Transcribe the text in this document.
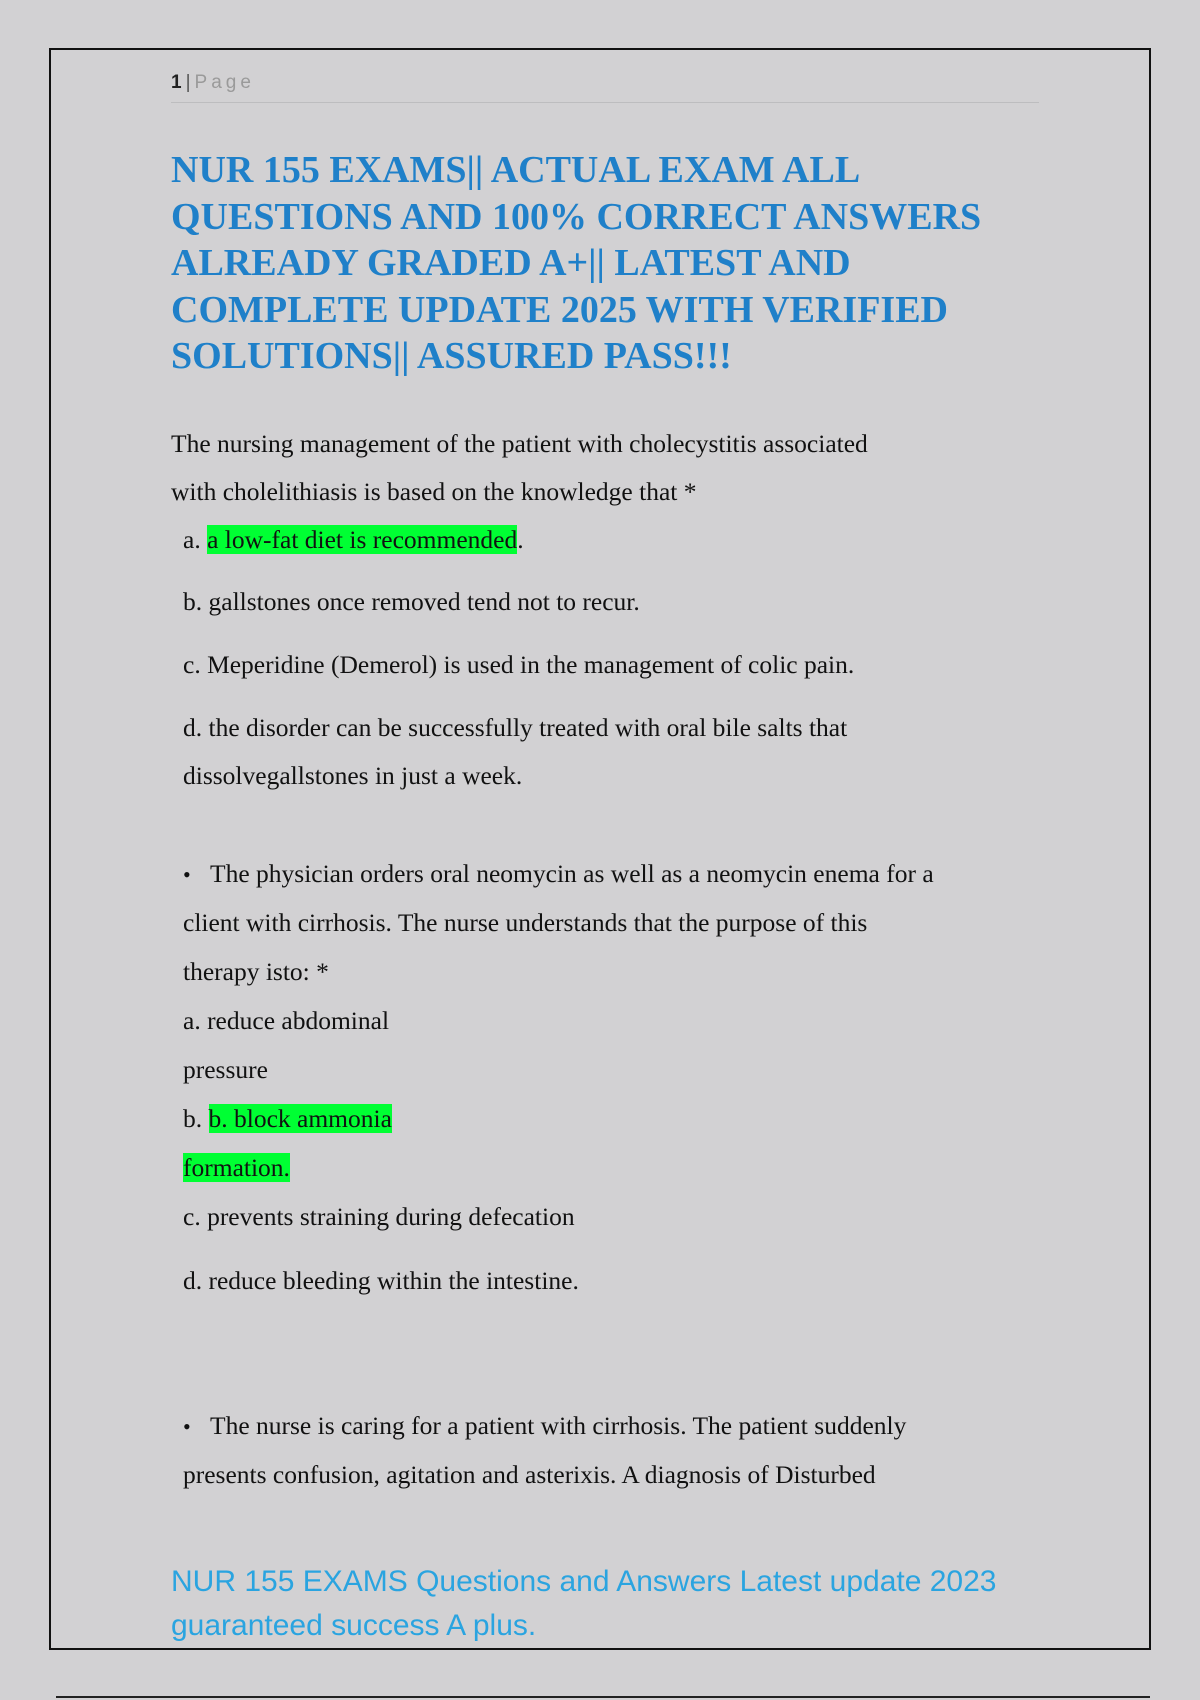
1 | Page
NUR 155 EXAMS|| ACTUAL EXAM ALL QUESTIONS AND 100% CORRECT ANSWERS ALREADY GRADED A+|| LATEST AND COMPLETE UPDATE 2025 WITH VERIFIED SOLUTIONS|| ASSURED PASS!!!
The nursing management of the patient with cholecystitis associated
with cholelithiasis is based on the knowledge that *
a. a low-fat diet is recommended.
b. gallstones once removed tend not to recur.
c. Meperidine (Demerol) is used in the management of colic pain.
d. the disorder can be successfully treated with oral bile salts that
dissolvegallstones in just a week.
• The physician orders oral neomycin as well as a neomycin enema for a
client with cirrhosis. The nurse understands that the purpose of this
therapy isto: *
a. reduce abdominal
pressure
b. b. block ammonia
formation.
c. prevents straining during defecation
d. reduce bleeding within the intestine.
• The nurse is caring for a patient with cirrhosis. The patient suddenly
presents confusion, agitation and asterixis. A diagnosis of Disturbed
NUR 155 EXAMS Questions and Answers Latest update 2023
guaranteed success A plus.
